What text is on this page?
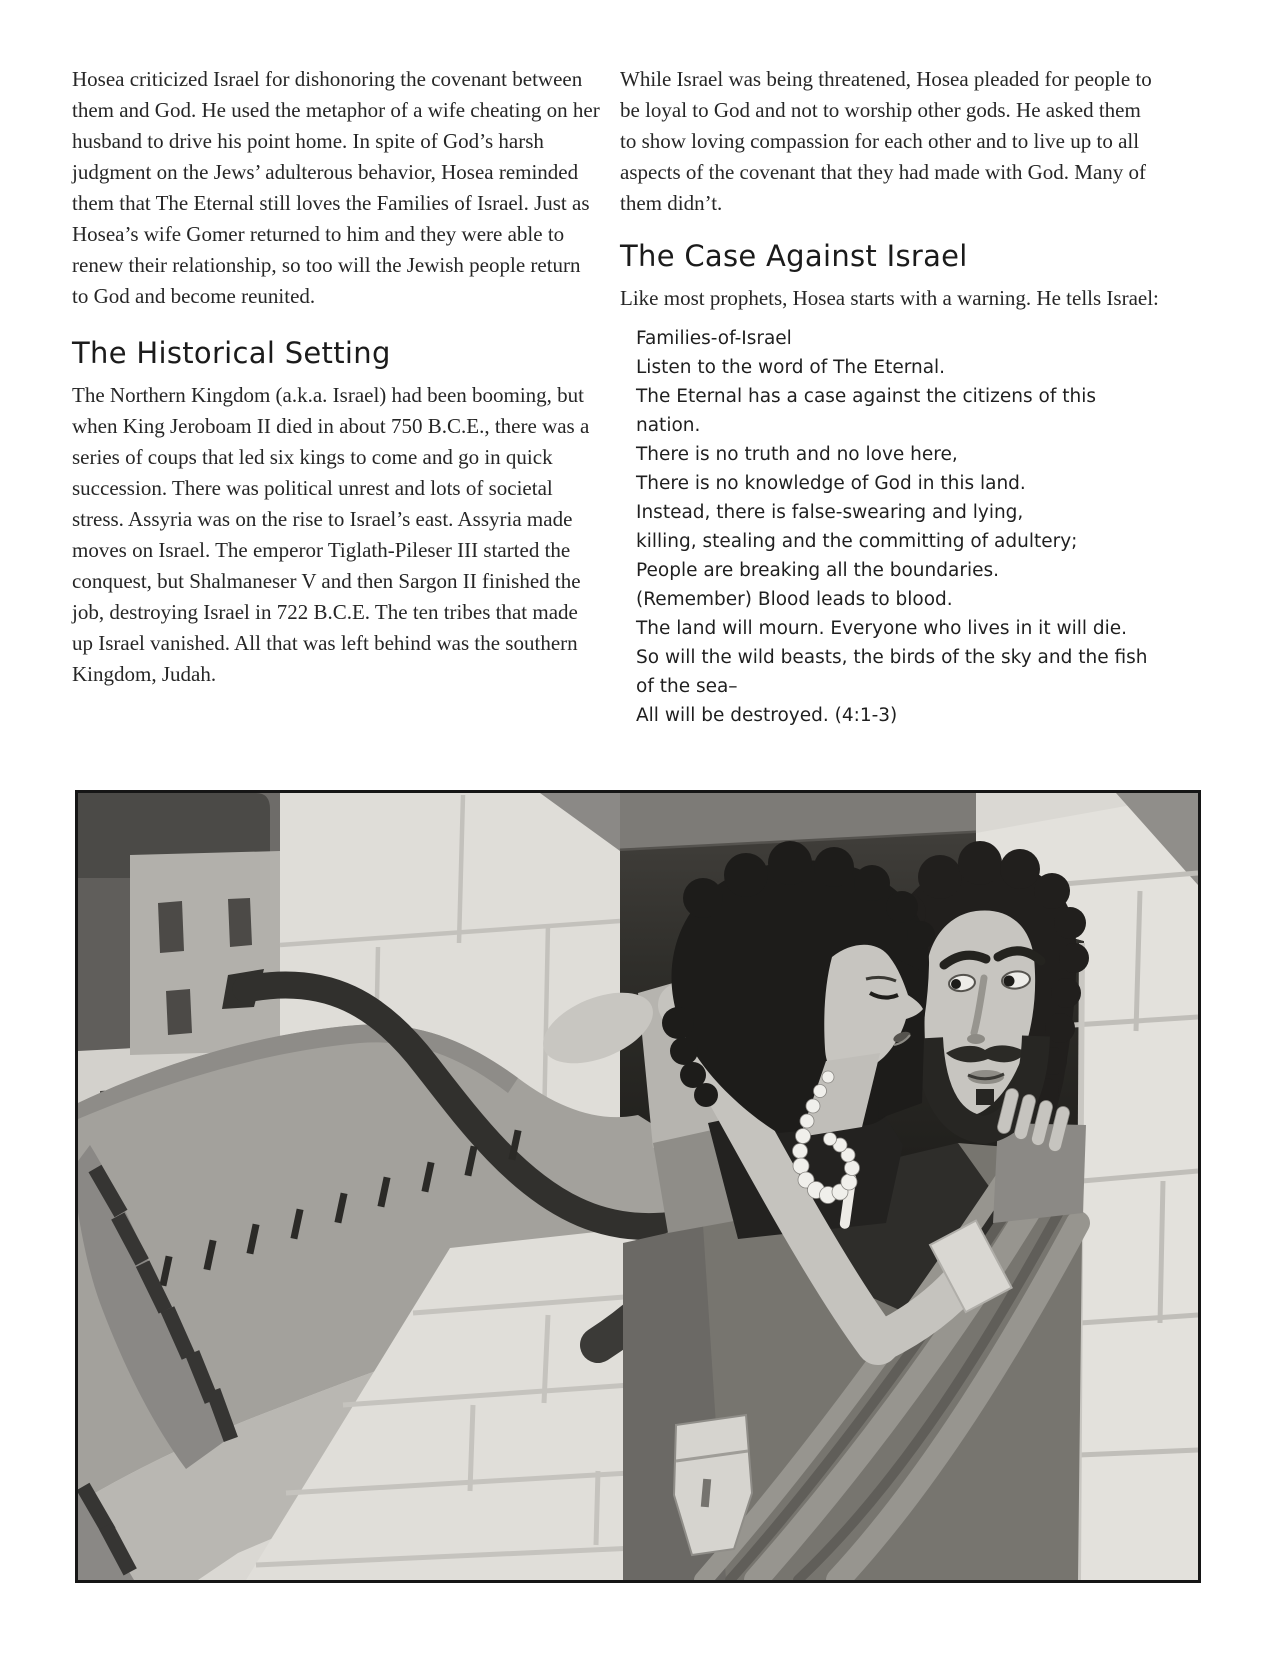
Hosea criticized Israel for dishonoring the covenant between them and God. He used the metaphor of a wife cheating on her husband to drive his point home. In spite of God’s harsh judgment on the Jews’ adulterous behavior, Hosea reminded them that The Eternal still loves the Families of Israel. Just as Hosea’s wife Gomer returned to him and they were able to renew their relationship, so too will the Jewish people return to God and become reunited.

The Historical Setting

The Northern Kingdom (a.k.a. Israel) had been booming, but when King Jeroboam II died in about 750 B.C.E., there was a series of coups that led six kings to come and go in quick succession. There was political unrest and lots of societal stress. Assyria was on the rise to Israel’s east. Assyria made moves on Israel. The emperor Tiglath-Pileser III started the conquest, but Shalmaneser V and then Sargon II finished the job, destroying Israel in 722 B.C.E. The ten tribes that made up Israel vanished. All that was left behind was the southern Kingdom, Judah.

While Israel was being threatened, Hosea pleaded for people to be loyal to God and not to worship other gods. He asked them to show loving compassion for each other and to live up to all aspects of the covenant that they had made with God. Many of them didn’t.

The Case Against Israel

Like most prophets, Hosea starts with a warning. He tells Israel:

Families-of-Israel
Listen to the word of The Eternal.
The Eternal has a case against the citizens of this nation.
There is no truth and no love here,
There is no knowledge of God in this land.
Instead, there is false-swearing and lying,
killing, stealing and the committing of adultery;
People are breaking all the boundaries.
(Remember) Blood leads to blood.
The land will mourn. Everyone who lives in it will die.
So will the wild beasts, the birds of the sky and the fish of the sea–
All will be destroyed. (4:1-3)
